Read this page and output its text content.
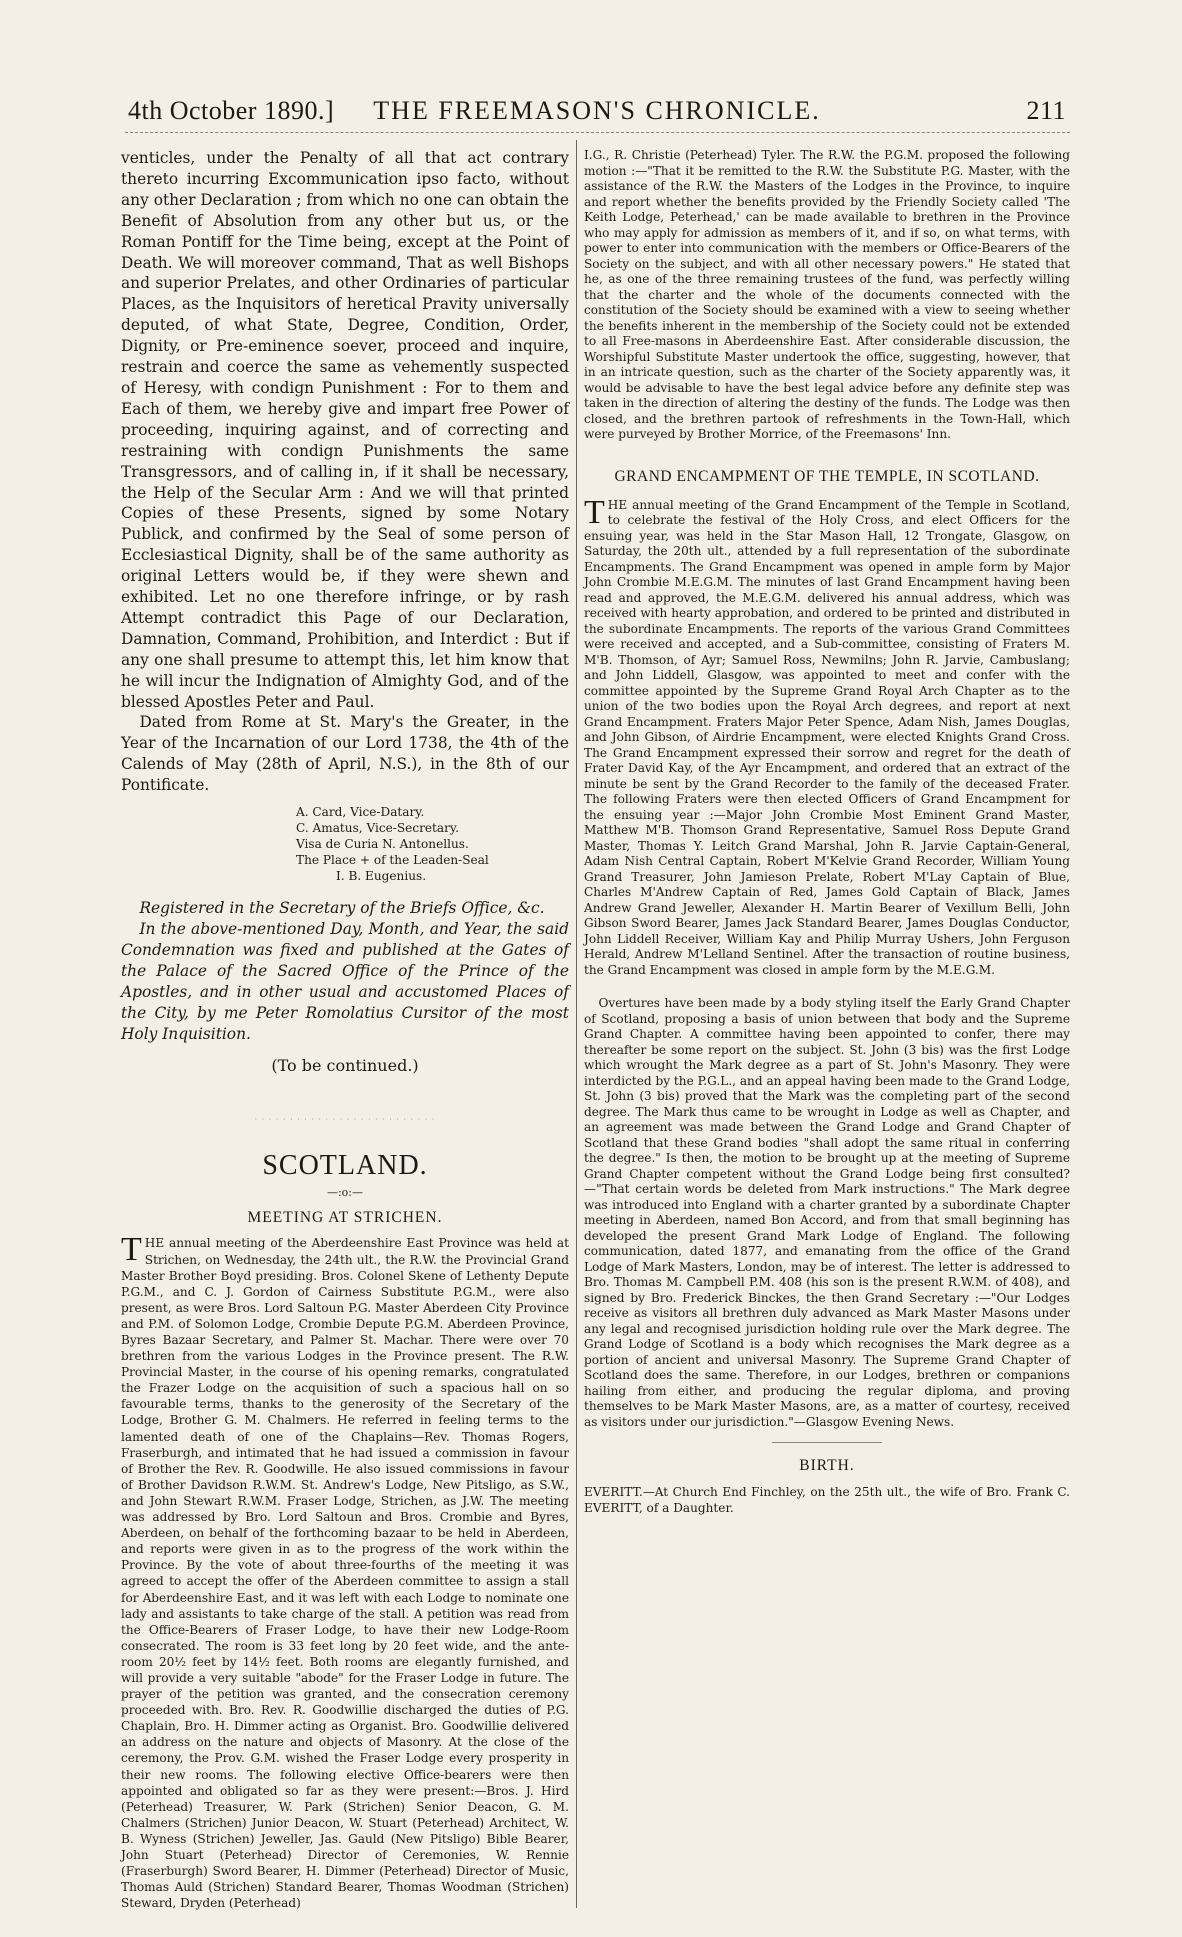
4th October 1890.]	THE FREEMASON'S CHRONICLE.	211

venticles, under the Penalty of all that act contrary thereto incurring Excommunication ipso facto, without any other Declaration ; from which no one can obtain the Benefit of Absolution from any other but us, or the Roman Pontiff for the Time being, except at the Point of Death. We will moreover command, That as well Bishops and superior Prelates, and other Ordinaries of particular Places, as the Inquisitors of heretical Pravity universally deputed, of what State, Degree, Condition, Order, Dignity, or Pre-eminence soever, proceed and inquire, restrain and coerce the same as vehemently suspected of Heresy, with condign Punishment : For to them and Each of them, we hereby give and impart free Power of proceeding, inquiring against, and of correcting and restraining with condign Punishments the same Transgressors, and of calling in, if it shall be necessary, the Help of the Secular Arm : And we will that printed Copies of these Presents, signed by some Notary Publick, and confirmed by the Seal of some person of Ecclesiastical Dignity, shall be of the same authority as original Letters would be, if they were shewn and exhibited. Let no one therefore infringe, or by rash Attempt contradict this Page of our Declaration, Damnation, Command, Prohibition, and Interdict : But if any one shall presume to attempt this, let him know that he will incur the Indignation of Almighty God, and of the blessed Apostles Peter and Paul.

Dated from Rome at St. Mary's the Greater, in the Year of the Incarnation of our Lord 1738, the 4th of the Calends of May (28th of April, N.S.), in the 8th of our Pontificate.

A. Card, Vice-Datary.
C. Amatus, Vice-Secretary.
Visa de Curia N. Antonellus.
The Place + of the Leaden-Seal
I. B. Eugenius.

Registered in the Secretary of the Briefs Office, &c.

In the above-mentioned Day, Month, and Year, the said Condemnation was fixed and published at the Gates of the Palace of the Sacred Office of the Prince of the Apostles, and in other usual and accustomed Places of the City, by me Peter Romolatius Cursitor of the most Holy Inquisition.

(To be continued.)

· · · · · · · · · · · · · · · · · · · · · · · · · ·
SCOTLAND.
—:o:—
MEETING AT STRICHEN.

THE annual meeting of the Aberdeenshire East Province was held at Strichen, on Wednesday, the 24th ult., the R.W. the Provincial Grand Master Brother Boyd presiding. Bros. Colonel Skene of Lethenty Depute P.G.M., and C. J. Gordon of Cairness Substitute P.G.M., were also present, as were Bros. Lord Saltoun P.G. Master Aberdeen City Province and P.M. of Solomon Lodge, Crombie Depute P.G.M. Aberdeen Province, Byres Bazaar Secretary, and Palmer St. Machar. There were over 70 brethren from the various Lodges in the Province present. The R.W. Provincial Master, in the course of his opening remarks, congratulated the Frazer Lodge on the acquisition of such a spacious hall on so favourable terms, thanks to the generosity of the Secretary of the Lodge, Brother G. M. Chalmers. He referred in feeling terms to the lamented death of one of the Chaplains—Rev. Thomas Rogers, Fraserburgh, and intimated that he had issued a commission in favour of Brother the Rev. R. Goodwille. He also issued commissions in favour of Brother Davidson R.W.M. St. Andrew's Lodge, New Pitsligo, as S.W., and John Stewart R.W.M. Fraser Lodge, Strichen, as J.W. The meeting was addressed by Bro. Lord Saltoun and Bros. Crombie and Byres, Aberdeen, on behalf of the forthcoming bazaar to be held in Aberdeen, and reports were given in as to the progress of the work within the Province. By the vote of about three-fourths of the meeting it was agreed to accept the offer of the Aberdeen committee to assign a stall for Aberdeenshire East, and it was left with each Lodge to nominate one lady and assistants to take charge of the stall. A petition was read from the Office-Bearers of Fraser Lodge, to have their new Lodge-Room consecrated. The room is 33 feet long by 20 feet wide, and the ante-room 20½ feet by 14½ feet. Both rooms are elegantly furnished, and will provide a very suitable "abode" for the Fraser Lodge in future. The prayer of the petition was granted, and the consecration ceremony proceeded with. Bro. Rev. R. Goodwillie discharged the duties of P.G. Chaplain, Bro. H. Dimmer acting as Organist. Bro. Goodwillie delivered an address on the nature and objects of Masonry. At the close of the ceremony, the Prov. G.M. wished the Fraser Lodge every prosperity in their new rooms. The following elective Office-bearers were then appointed and obligated so far as they were present:—Bros. J. Hird (Peterhead) Treasurer, W. Park (Strichen) Senior Deacon, G. M. Chalmers (Strichen) Junior Deacon, W. Stuart (Peterhead) Architect, W. B. Wyness (Strichen) Jeweller, Jas. Gauld (New Pitsligo) Bible Bearer, John Stuart (Peterhead) Director of Ceremonies, W. Rennie (Fraserburgh) Sword Bearer, H. Dimmer (Peterhead) Director of Music, Thomas Auld (Strichen) Standard Bearer, Thomas Woodman (Strichen) Steward, Dryden (Peterhead)

I.G., R. Christie (Peterhead) Tyler. The R.W. the P.G.M. proposed the following motion :—"That it be remitted to the R.W. the Substitute P.G. Master, with the assistance of the R.W. the Masters of the Lodges in the Province, to inquire and report whether the benefits provided by the Friendly Society called 'The Keith Lodge, Peterhead,' can be made available to brethren in the Province who may apply for admission as members of it, and if so, on what terms, with power to enter into communication with the members or Office-Bearers of the Society on the subject, and with all other necessary powers." He stated that he, as one of the three remaining trustees of the fund, was perfectly willing that the charter and the whole of the documents connected with the constitution of the Society should be examined with a view to seeing whether the benefits inherent in the membership of the Society could not be extended to all Free-masons in Aberdeenshire East. After considerable discussion, the Worshipful Substitute Master undertook the office, suggesting, however, that in an intricate question, such as the charter of the Society apparently was, it would be advisable to have the best legal advice before any definite step was taken in the direction of altering the destiny of the funds. The Lodge was then closed, and the brethren partook of refreshments in the Town-Hall, which were purveyed by Brother Morrice, of the Freemasons' Inn.

GRAND ENCAMPMENT OF THE TEMPLE, IN SCOTLAND.

THE annual meeting of the Grand Encampment of the Temple in Scotland, to celebrate the festival of the Holy Cross, and elect Officers for the ensuing year, was held in the Star Mason Hall, 12 Trongate, Glasgow, on Saturday, the 20th ult., attended by a full representation of the subordinate Encampments. The Grand Encampment was opened in ample form by Major John Crombie M.E.G.M. The minutes of last Grand Encampment having been read and approved, the M.E.G.M. delivered his annual address, which was received with hearty approbation, and ordered to be printed and distributed in the subordinate Encampments. The reports of the various Grand Committees were received and accepted, and a Sub-committee, consisting of Fraters M. M'B. Thomson, of Ayr; Samuel Ross, Newmilns; John R. Jarvie, Cambuslang; and John Liddell, Glasgow, was appointed to meet and confer with the committee appointed by the Supreme Grand Royal Arch Chapter as to the union of the two bodies upon the Royal Arch degrees, and report at next Grand Encampment. Fraters Major Peter Spence, Adam Nish, James Douglas, and John Gibson, of Airdrie Encampment, were elected Knights Grand Cross. The Grand Encampment expressed their sorrow and regret for the death of Frater David Kay, of the Ayr Encampment, and ordered that an extract of the minute be sent by the Grand Recorder to the family of the deceased Frater. The following Fraters were then elected Officers of Grand Encampment for the ensuing year :—Major John Crombie Most Eminent Grand Master, Matthew M'B. Thomson Grand Representative, Samuel Ross Depute Grand Master, Thomas Y. Leitch Grand Marshal, John R. Jarvie Captain-General, Adam Nish Central Captain, Robert M'Kelvie Grand Recorder, William Young Grand Treasurer, John Jamieson Prelate, Robert M'Lay Captain of Blue, Charles M'Andrew Captain of Red, James Gold Captain of Black, James Andrew Grand Jeweller, Alexander H. Martin Bearer of Vexillum Belli, John Gibson Sword Bearer, James Jack Standard Bearer, James Douglas Conductor, John Liddell Receiver, William Kay and Philip Murray Ushers, John Ferguson Herald, Andrew M'Lelland Sentinel. After the transaction of routine business, the Grand Encampment was closed in ample form by the M.E.G.M.

Overtures have been made by a body styling itself the Early Grand Chapter of Scotland, proposing a basis of union between that body and the Supreme Grand Chapter. A committee having been appointed to confer, there may thereafter be some report on the subject. St. John (3 bis) was the first Lodge which wrought the Mark degree as a part of St. John's Masonry. They were interdicted by the P.G.L., and an appeal having been made to the Grand Lodge, St. John (3 bis) proved that the Mark was the completing part of the second degree. The Mark thus came to be wrought in Lodge as well as Chapter, and an agreement was made between the Grand Lodge and Grand Chapter of Scotland that these Grand bodies "shall adopt the same ritual in conferring the degree." Is then, the motion to be brought up at the meeting of Supreme Grand Chapter competent without the Grand Lodge being first consulted?—"That certain words be deleted from Mark instructions." The Mark degree was introduced into England with a charter granted by a subordinate Chapter meeting in Aberdeen, named Bon Accord, and from that small beginning has developed the present Grand Mark Lodge of England. The following communication, dated 1877, and emanating from the office of the Grand Lodge of Mark Masters, London, may be of interest. The letter is addressed to Bro. Thomas M. Campbell P.M. 408 (his son is the present R.W.M. of 408), and signed by Bro. Frederick Binckes, the then Grand Secretary :—"Our Lodges receive as visitors all brethren duly advanced as Mark Master Masons under any legal and recognised jurisdiction holding rule over the Mark degree. The Grand Lodge of Scotland is a body which recognises the Mark degree as a portion of ancient and universal Masonry. The Supreme Grand Chapter of Scotland does the same. Therefore, in our Lodges, brethren or companions hailing from either, and producing the regular diploma, and proving themselves to be Mark Master Masons, are, as a matter of courtesy, received as visitors under our jurisdiction."—Glasgow Evening News.

BIRTH.

EVERITT.—At Church End Finchley, on the 25th ult., the wife of Bro. Frank C. EVERITT, of a Daughter.
